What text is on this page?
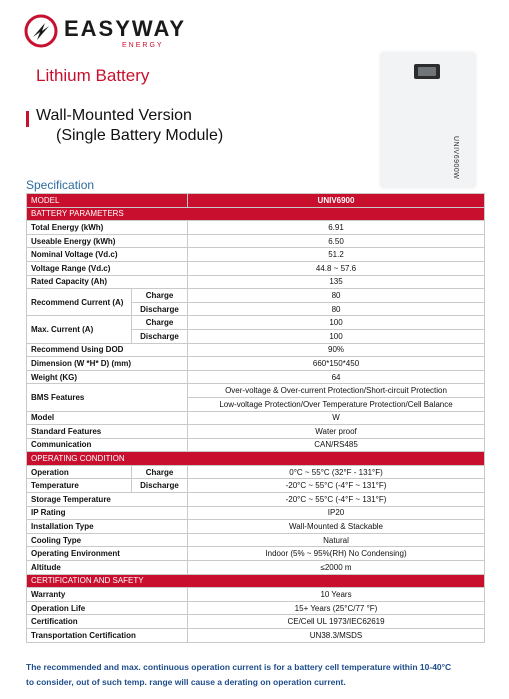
EASYWAY
ENERGY
Lithium Battery
Wall-Mounted Version
(Single Battery Module)
UNIV6900W
Specification
MODEL		UNIV6900
BATTERY PARAMETERS		
Total Energy (kWh)		6.91
Useable Energy (kWh)		6.50
Nominal Voltage (Vd.c)		51.2
Voltage Range (Vd.c)		44.8 ~ 57.6
Rated Capacity (Ah)		135
Recommend Current (A)	Charge	80
	Discharge	80
Max. Current (A)	Charge	100
	Discharge	100
Recommend Using DOD		90%
Dimension (W *H* D) (mm)		660*150*450
Weight (KG)		64
BMS Features		Over-voltage & Over-current Protection/Short-circuit Protection
		Low-voltage Protection/Over Temperature Protection/Cell Balance
Model		W
Standard Features		Water proof
Communication		CAN/RS485
OPERATING CONDITION		
Operation	Charge	0°C ~ 55°C (32°F - 131°F)
Temperature	Discharge	-20°C ~ 55°C (-4°F ~ 131°F)
Storage Temperature		-20°C ~ 55°C (-4°F ~ 131°F)
IP Rating		IP20
Installation Type		Wall-Mounted & Stackable
Cooling Type		Natural
Operating Environment		Indoor (5% ~ 95%(RH) No Condensing)
Altitude		≤2000 m
CERTIFICATION AND SAFETY		
Warranty		10 Years
Operation Life		15+ Years (25°C/77 °F)
Certification		CE/Cell UL 1973/IEC62619
Transportation Certification		UN38.3/MSDS
The recommended and max. continuous operation current is for a battery cell temperature within 10-40°C
to consider, out of such temp. range will cause a derating on operation current.
